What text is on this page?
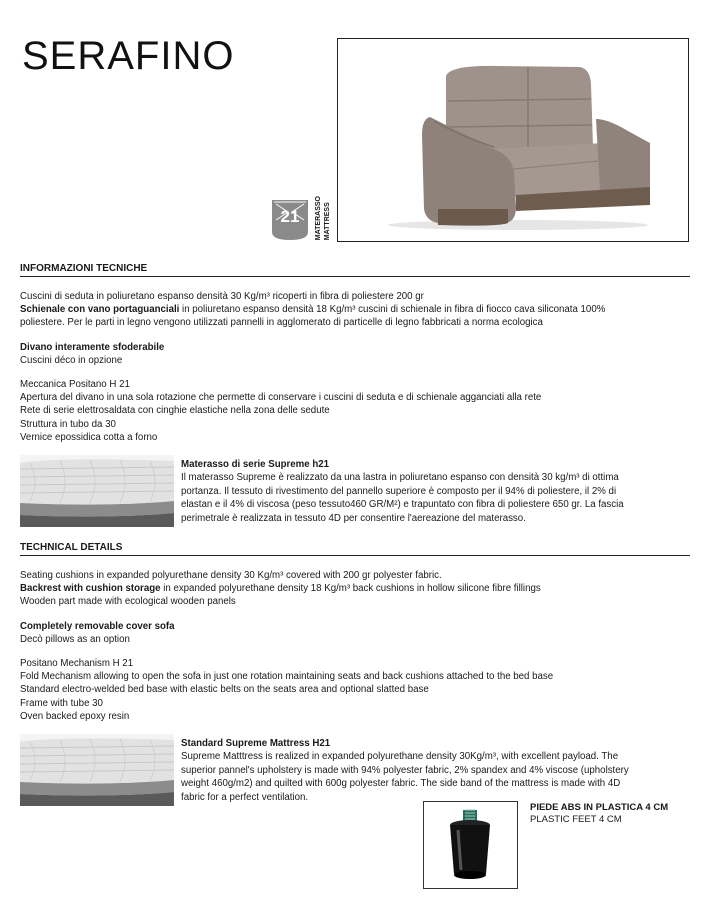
SERAFINO
21 MATERASSO MATTRESS
INFORMAZIONI TECNICHE
Cuscini di seduta in poliuretano espanso densità 30 Kg/m³ ricoperti in fibra di poliestere 200 gr
Schienale con vano portaguanciali in poliuretano espanso densità 18 Kg/m³ cuscini di schienale in fibra di fiocco cava siliconata 100%
poliestere. Per le parti in legno vengono utilizzati pannelli in agglomerato di particelle di legno fabbricati a norma ecologica
Divano interamente sfoderabile
Cuscini déco in opzione
Meccanica Positano H 21
Apertura del divano in una sola rotazione che permette di conservare i cuscini di seduta e di schienale agganciati alla rete
Rete di serie elettrosaldata con cinghie elastiche nella zona delle sedute
Struttura in tubo da 30
Vernice epossidica cotta a forno
Materasso di serie Supreme h21
Il materasso Supreme è realizzato da una lastra in poliuretano espanso con densità 30 kg/m³ di ottima
portanza. Il tessuto di rivestimento del pannello superiore è composto per il 94% di poliestere, il 2% di
elastan e il 4% di viscosa (peso tessuto460 GR/M²) e trapuntato con fibra di poliestere 650 gr. La fascia
perimetrale è realizzata in tessuto 4D per consentire l'aereazione del materasso.
TECHNICAL DETAILS
Seating cushions in expanded polyurethane density 30 Kg/m³ covered with 200 gr polyester fabric.
Backrest with cushion storage in expanded polyurethane density 18 Kg/m³ back cushions in hollow silicone fibre fillings
Wooden part made with ecological wooden panels
Completely removable cover sofa
Decò pillows as an option
Positano Mechanism H 21
Fold Mechanism allowing to open the sofa in just one rotation maintaining seats and back cushions attached to the bed base
Standard electro-welded bed base with elastic belts on the seats area and optional slatted base
Frame with tube 30
Oven backed epoxy resin
Standard Supreme Mattress H21
Supreme Matttress is realized in expanded polyurethane density 30Kg/m³, with excellent payload. The
superior pannel's upholstery is made with 94% polyester fabric, 2% spandex and 4% viscose (upholstery
weight 460g/m2) and quilted with 600g polyester fabric. The side band of the mattress is made with 4D
fabric for a perfect ventilation.
PIEDE ABS IN PLASTICA 4 CM
PLASTIC FEET 4 CM
